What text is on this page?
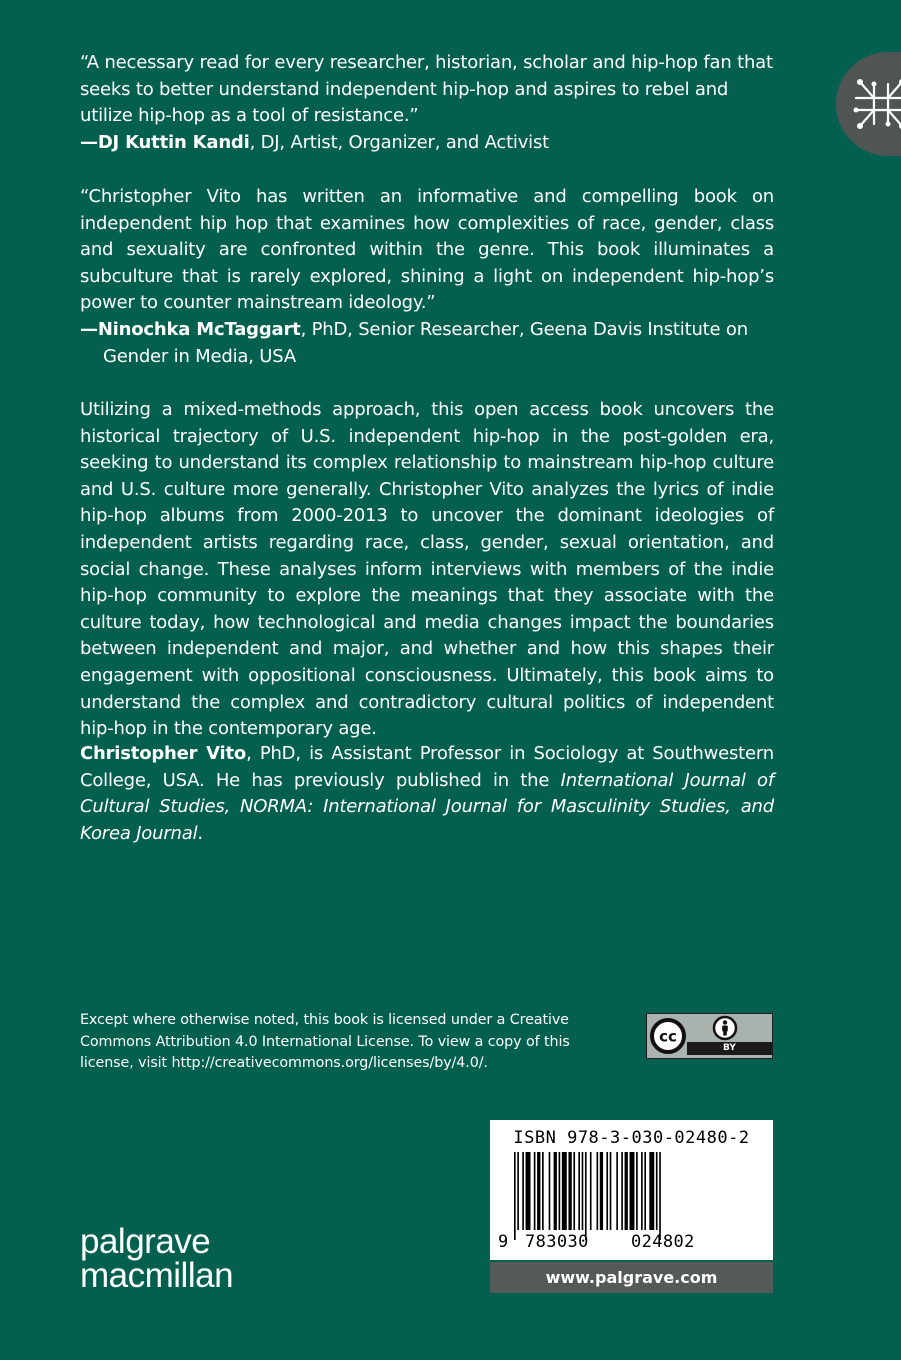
“A necessary read for every researcher, historian, scholar and hip-hop fan that seeks to better understand independent hip-hop and aspires to rebel and utilize hip-hop as a tool of resistance.”
—DJ Kuttin Kandi, DJ, Artist, Organizer, and Activist
“Christopher Vito has written an informative and compelling book on independent hip hop that examines how complexities of race, gender, class and sexuality are confronted within the genre. This book illuminates a subculture that is rarely explored, shining a light on independent hip-hop’s power to counter mainstream ideology.”
—Ninochka McTaggart, PhD, Senior Researcher, Geena Davis Institute on Gender in Media, USA
Utilizing a mixed-methods approach, this open access book uncovers the historical trajectory of U.S. independent hip-hop in the post-golden era, seeking to understand its complex relationship to mainstream hip-hop culture and U.S. culture more generally. Christopher Vito analyzes the lyrics of indie hip-hop albums from 2000-2013 to uncover the dominant ideologies of independent artists regarding race, class, gender, sexual orientation, and social change. These analyses inform interviews with members of the indie hip-hop community to explore the meanings that they associate with the culture today, how technological and media changes impact the boundaries between independent and major, and whether and how this shapes their engagement with oppositional consciousness. Ultimately, this book aims to understand the complex and contradictory cultural politics of independent hip-hop in the contemporary age.
Christopher Vito, PhD, is Assistant Professor in Sociology at Southwestern College, USA. He has previously published in the International Journal of Cultural Studies, NORMA: International Journal for Masculinity Studies, and Korea Journal.
Except where otherwise noted, this book is licensed under a Creative Commons Attribution 4.0 International License. To view a copy of this license, visit http://creativecommons.org/licenses/by/4.0/.
cc
BY
palgrave
macmillan
ISBN 978-3-030-02480-2
9 783030 024802
www.palgrave.com
